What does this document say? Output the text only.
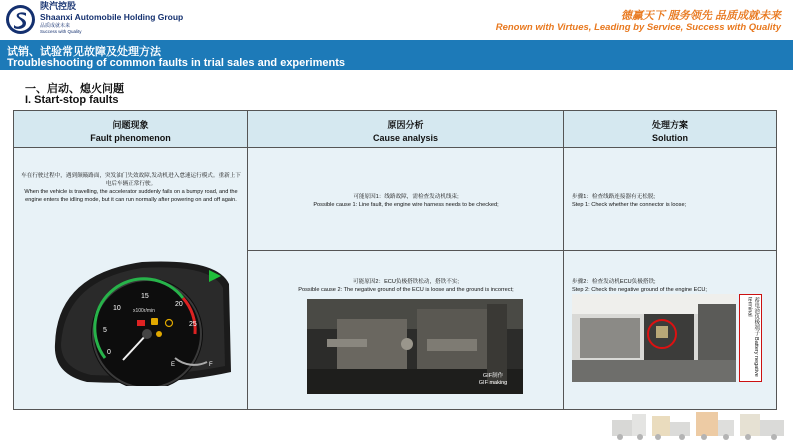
陕汽控股
Shaanxi Automobile Holding Group
品质成就未来
Success with Quality
德赢天下 服务领先 品质成就未来
Renown with Virtues, Leading by Service, Success with Quality
试销、试验常见故障及处理方法
Troubleshooting of common faults in trial sales and experiments
一、启动、熄火问题
I. Start-stop faults
问题现象
Fault phenomenon
原因分析
Cause analysis
处理方案
Solution
车在行驶过程中，遇到颠簸路面，突发油门失效故障,发动机进入怠速运行模式。重新上下电后车辆正常行驶。
When the vehicle is travelling, the accelerator suddenly fails on a bumpy road, and the engine enters the idling mode, but it can run normally after powering on and off again.
0
5
10
15
20
25
x100r/min
E	F
可能原因1：线路故障，需检查发动机线束;
Possible cause 1: Line fault, the engine wire harness needs to be checked;
步骤1：检查线路连接器有无松脱;
Step 1: Check whether the connector is loose;
可能原因2：ECU负极搭铁松动，搭铁不实;
Possible cause 2: The negative ground of the ECU is loose and the ground is incorrect;
GIF制作
GIF making
步骤2：检查发动机ECU负极搭铁;
Step 2: Check the negative ground of the engine ECU;
蓄电池负极端子 Battery negative terminal
